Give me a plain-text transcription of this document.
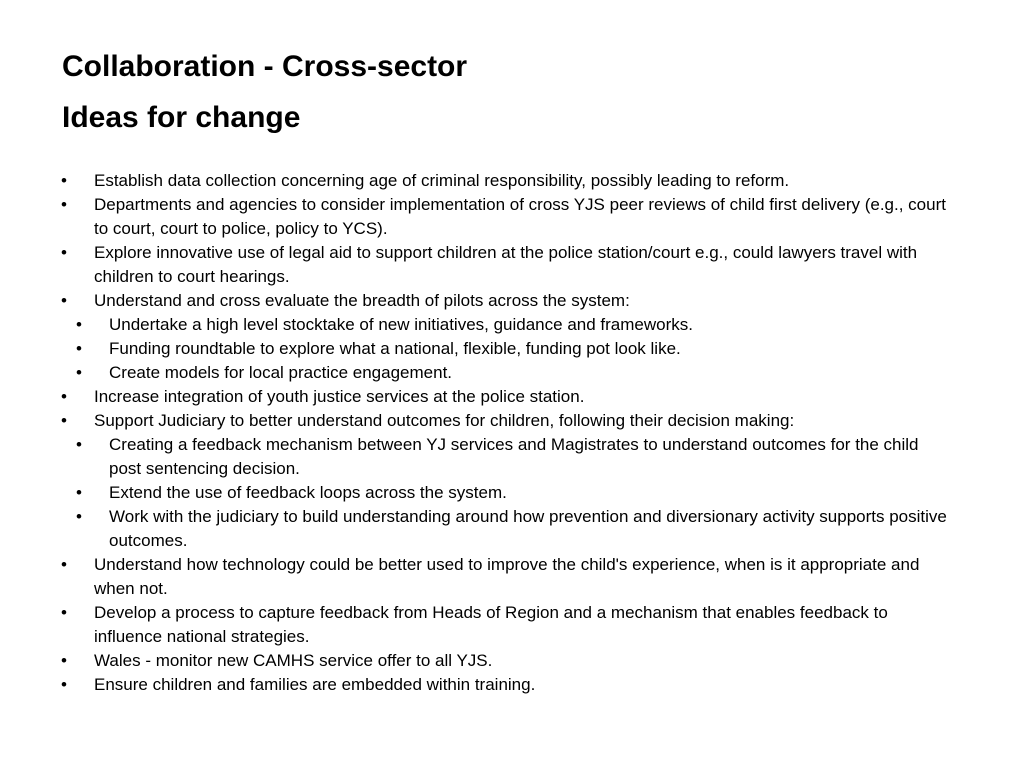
Collaboration - Cross-sector
Ideas for change
• Establish data collection concerning age of criminal responsibility, possibly leading to reform.
• Departments and agencies to consider implementation of cross YJS peer reviews of child first delivery (e.g., court to court, court to police, policy to YCS).
• Explore innovative use of legal aid to support children at the police station/court e.g., could lawyers travel with children to court hearings.
• Understand and cross evaluate the breadth of pilots across the system:
• Undertake a high level stocktake of new initiatives, guidance and frameworks.
• Funding roundtable to explore what a national, flexible, funding pot look like.
• Create models for local practice engagement.
• Increase integration of youth justice services at the police station.
• Support Judiciary to better understand outcomes for children, following their decision making:
• Creating a feedback mechanism between YJ services and Magistrates to understand outcomes for the child post sentencing decision.
• Extend the use of feedback loops across the system.
• Work with the judiciary to build understanding around how prevention and diversionary activity supports positive outcomes.
• Understand how technology could be better used to improve the child's experience, when is it appropriate and when not.
• Develop a process to capture feedback from Heads of Region and a mechanism that enables feedback to influence national strategies.
• Wales - monitor new CAMHS service offer to all YJS.
• Ensure children and families are embedded within training.
